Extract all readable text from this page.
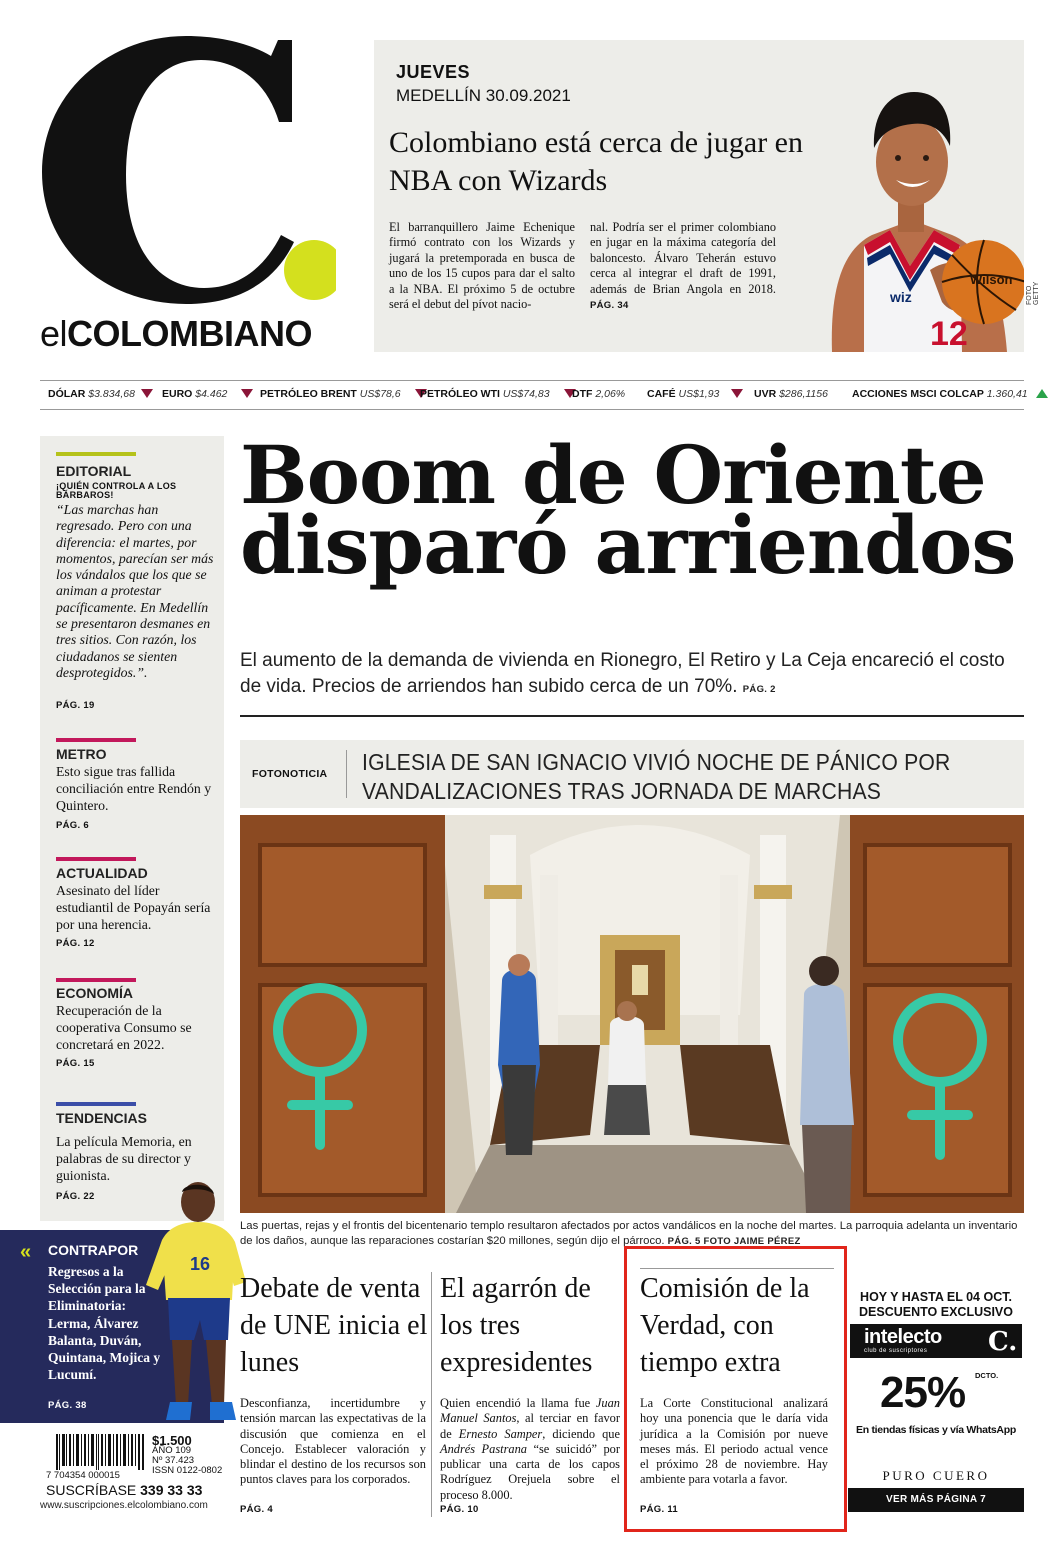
elCOLOMBIANO
JUEVES
MEDELLÍN 30.09.2021
Colombiano está cerca de jugar en NBA con Wizards
El barranquillero Jaime Echenique firmó contrato con los Wizards y jugará la pretemporada en busca de uno de los 15 cupos para dar el salto a la NBA. El próximo 5 de octubre será el debut del pívot nacio-
nal. Podría ser el primer colombiano en jugar en la máxima categoría del baloncesto. Álvaro Teherán estuvo cerca al integrar el draft de 1991, además de Brian Angola en 2018. PÁG. 34
wiz
12
Wilson
FOTO GETTY
DÓLAR $3.834,68	EURO $4.462	PETRÓLEO BRENT US$78,6	PETRÓLEO WTI US$74,83	DTF 2,06% CAFÉ US$1,93	UVR $286,1156 ACCIONES MSCI COLCAP 1.360,41
EDITORIAL
¡QUIÉN CONTROLA A LOS BÁRBAROS!
“Las marchas han regresado. Pero con una diferencia: el martes, por momentos, parecían ser más los vándalos que los que se animan a protestar pacíficamente. En Medellín se presentaron desmanes en tres sitios. Con razón, los ciudadanos se sienten desprotegidos.”.
PÁG. 19
METRO
Esto sigue tras fallida conciliación entre Rendón y Quintero.
PÁG. 6
ACTUALIDAD
Asesinato del líder estudiantil de Popayán sería por una herencia.
PÁG. 12
ECONOMÍA
Recuperación de la cooperativa Consumo se concretará en 2022.
PÁG. 15
TENDENCIAS
La película Memoria, en palabras de su director y guionista.
PÁG. 22
« CONTRAPOR
Regresos a la Selección para la Eliminatoria: Lerma, Álvarez Balanta, Duván, Quintana, Mojica y Lucumí.
PÁG. 38
16
$1.500
AÑO 109
Nº 37.423
ISSN 0122-0802
7 704354 000015
SUSCRÍBASE 339 33 33
www.suscripciones.elcolombiano.com
Boom de Oriente disparó arriendos
El aumento de la demanda de vivienda en Rionegro, El Retiro y La Ceja encareció el costo de vida. Precios de arriendos han subido cerca de un 70%. PÁG. 2
FOTONOTICIA IGLESIA DE SAN IGNACIO VIVIÓ NOCHE DE PÁNICO POR VANDALIZACIONES TRAS JORNADA DE MARCHAS
Las puertas, rejas y el frontis del bicentenario templo resultaron afectados por actos vandálicos en la noche del martes. La parroquia adelanta un inventario de los daños, aunque las reparaciones costarían $20 millones, según dijo el párroco. PÁG. 5 FOTO JAIME PÉREZ
Debate de venta de UNE inicia el lunes
Desconfianza, incertidumbre y tensión marcan las expectativas de la discusión que comienza en el Concejo. Establecer valoración y blindar el destino de los recursos son puntos claves para los corporados.
PÁG. 4
El agarrón de los tres expresidentes
Quien encendió la llama fue Juan Manuel Santos, al terciar en favor de Ernesto Samper, diciendo que Andrés Pastrana “se suicidó” por publicar una carta de los capos Rodríguez Orejuela sobre el proceso 8.000.
PÁG. 10
Comisión de la Verdad, con tiempo extra
La Corte Constitucional analizará hoy una ponencia que le daría vida jurídica a la Comisión por nueve meses más. El periodo actual vence el próximo 28 de noviembre. Hay ambiente para votarla a favor.
PÁG. 11
HOY Y HASTA EL 04 OCT. DESCUENTO EXCLUSIVO
intelecto
club de suscriptores C.
25% DCTO.
En tiendas físicas y vía WhatsApp
PURO CUERO
VER MÁS PÁGINA 7
